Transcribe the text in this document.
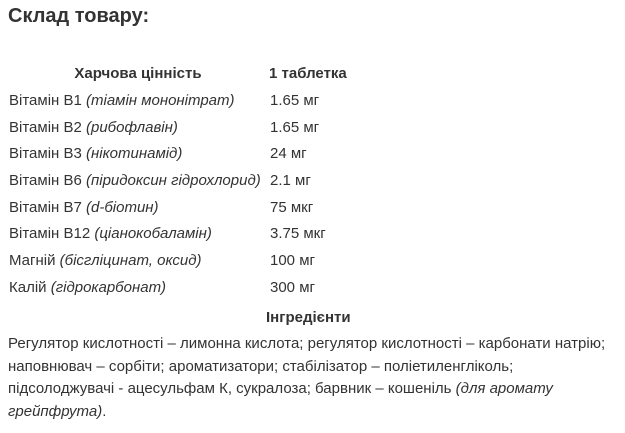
Склад товару:
Харчова цінність	1 таблетка
Вітамін В1 (тіамін мононітрат)	1.65 мг
Вітамін В2 (рибофлавін)	1.65 мг
Вітамін В3 (нікотинамід)	24 мг
Вітамін В6 (піридоксин гідрохлорид)	2.1 мг
Вітамін В7 (d-біотин)	75 мкг
Вітамін В12 (ціанокобаламін)	3.75 мкг
Магній (бісгліцинат, оксид)	100 мг
Калій (гідрокарбонат)	300 мг
Інгредієнти

Регулятор кислотності – лимонна кислота; регулятор кислотності – карбонати натрію; наповнювач – сорбіти; ароматизатори; стабілізатор – поліетиленгліколь; підсолоджувачі - ацесульфам К, сукралоза; барвник – кошеніль (для аромату грейпфрута).
